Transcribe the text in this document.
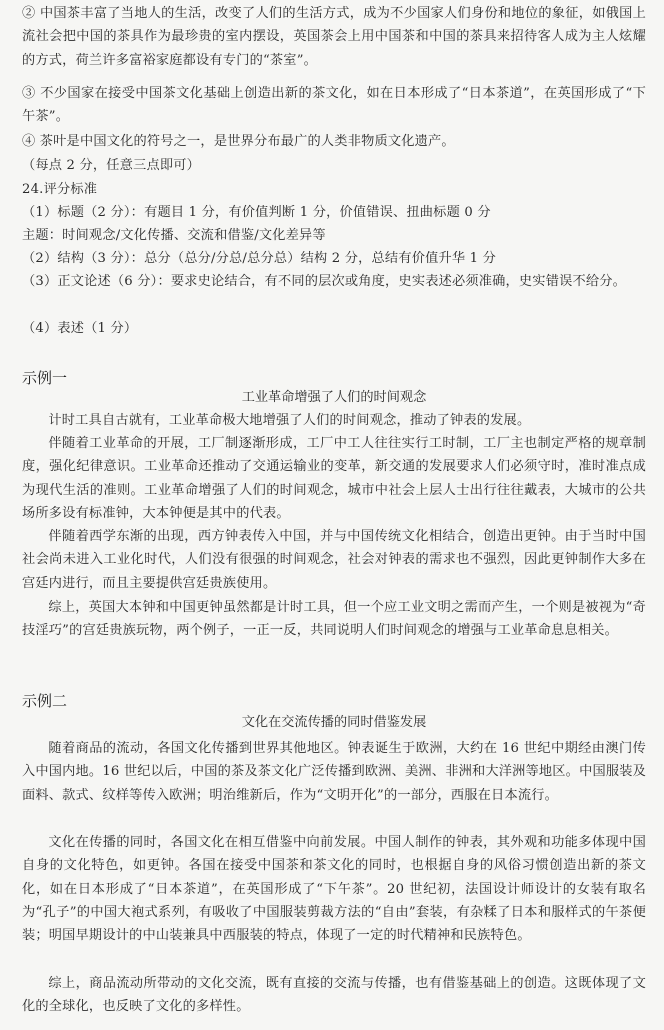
② 中国茶丰富了当地人的生活，改变了人们的生活方式，成为不少国家人们身份和地位的象征，如俄国上流社会把中国的茶具作为最珍贵的室内摆设，英国茶会上用中国茶和中国的茶具来招待客人成为主人炫耀的方式，荷兰许多富裕家庭都设有专门的“茶室”。

③ 不少国家在接受中国茶文化基础上创造出新的茶文化，如在日本形成了“日本茶道”，在英国形成了“下午茶”。

④ 茶叶是中国文化的符号之一，是世界分布最广的人类非物质文化遗产。

（每点 2 分，任意三点即可）

24.评分标准

（1）标题（2 分）：有题目 1 分，有价值判断 1 分，价值错误、扭曲标题 0 分

主题：时间观念/文化传播、交流和借鉴/文化差异等

（2）结构（3 分）：总分（总分/分总/总分总）结构 2 分，总结有价值升华 1 分

（3）正文论述（6 分）：要求史论结合，有不同的层次或角度，史实表述必须准确，史实错误不给分。

（4）表述（1 分）

示例一

工业革命增强了人们的时间观念

计时工具自古就有，工业革命极大地增强了人们的时间观念，推动了钟表的发展。

伴随着工业革命的开展，工厂制逐渐形成，工厂中工人往往实行工时制，工厂主也制定严格的规章制度，强化纪律意识。工业革命还推动了交通运输业的变革，新交通的发展要求人们必须守时，准时准点成为现代生活的准则。工业革命增强了人们的时间观念，城市中社会上层人士出行往往戴表，大城市的公共场所多设有标准钟，大本钟便是其中的代表。

伴随着西学东渐的出现，西方钟表传入中国，并与中国传统文化相结合，创造出更钟。由于当时中国社会尚未进入工业化时代，人们没有很强的时间观念，社会对钟表的需求也不强烈，因此更钟制作大多在宫廷内进行，而且主要提供宫廷贵族使用。

综上，英国大本钟和中国更钟虽然都是计时工具，但一个应工业文明之需而产生，一个则是被视为“奇技淫巧”的宫廷贵族玩物，两个例子，一正一反，共同说明人们时间观念的增强与工业革命息息相关。

示例二

文化在交流传播的同时借鉴发展

随着商品的流动，各国文化传播到世界其他地区。钟表诞生于欧洲，大约在 16 世纪中期经由澳门传入中国内地。16 世纪以后，中国的茶及茶文化广泛传播到欧洲、美洲、非洲和大洋洲等地区。中国服装及面料、款式、纹样等传入欧洲；明治维新后，作为“文明开化”的一部分，西服在日本流行。

文化在传播的同时，各国文化在相互借鉴中向前发展。中国人制作的钟表，其外观和功能多体现中国自身的文化特色，如更钟。各国在接受中国茶和茶文化的同时，也根据自身的风俗习惯创造出新的茶文化，如在日本形成了“日本茶道”，在英国形成了“下午茶”。20 世纪初，法国设计师设计的女装有取名为“孔子”的中国大袍式系列，有吸收了中国服装剪裁方法的“自由”套装，有杂糅了日本和服样式的午茶便装；明国早期设计的中山装兼具中西服装的特点，体现了一定的时代精神和民族特色。

综上，商品流动所带动的文化交流，既有直接的交流与传播，也有借鉴基础上的创造。这既体现了文化的全球化，也反映了文化的多样性。
